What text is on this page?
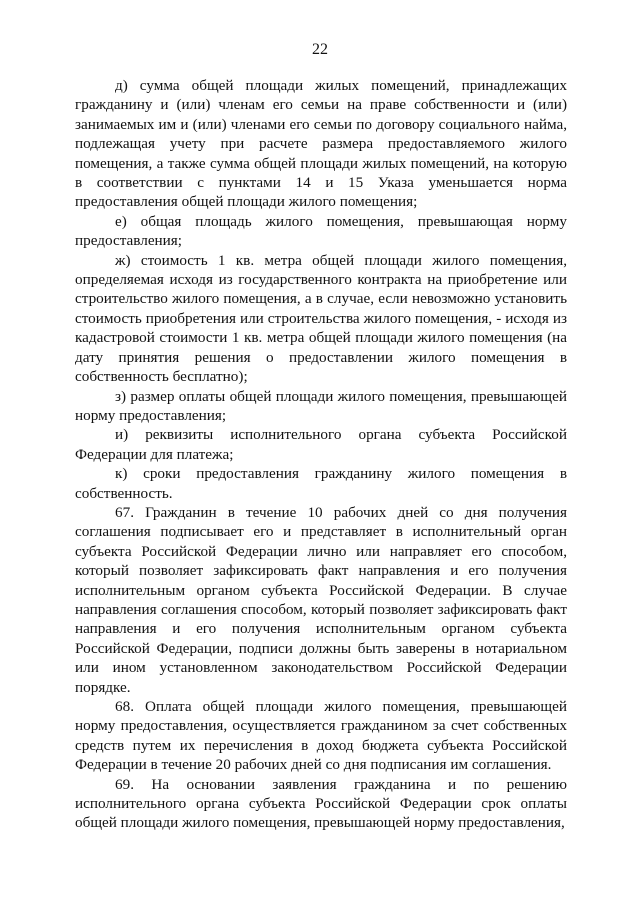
22

д) сумма общей площади жилых помещений, принадлежащих гражданину и (или) членам его семьи на праве собственности и (или) занимаемых им и (или) членами его семьи по договору социального найма, подлежащая учету при расчете размера предоставляемого жилого помещения, а также сумма общей площади жилых помещений, на которую в соответствии с пунктами 14 и 15 Указа уменьшается норма предоставления общей площади жилого помещения;

е) общая площадь жилого помещения, превышающая норму предоставления;

ж) стоимость 1 кв. метра общей площади жилого помещения, определяемая исходя из государственного контракта на приобретение или строительство жилого помещения, а в случае, если невозможно установить стоимость приобретения или строительства жилого помещения, - исходя из кадастровой стоимости 1 кв. метра общей площади жилого помещения (на дату принятия решения о предоставлении жилого помещения в собственность бесплатно);

з) размер оплаты общей площади жилого помещения, превышающей норму предоставления;

и) реквизиты исполнительного органа субъекта Российской Федерации для платежа;

к) сроки предоставления гражданину жилого помещения в собственность.

67. Гражданин в течение 10 рабочих дней со дня получения соглашения подписывает его и представляет в исполнительный орган субъекта Российской Федерации лично или направляет его способом, который позволяет зафиксировать факт направления и его получения исполнительным органом субъекта Российской Федерации. В случае направления соглашения способом, который позволяет зафиксировать факт направления и его получения исполнительным органом субъекта Российской Федерации, подписи должны быть заверены в нотариальном или ином установленном законодательством Российской Федерации порядке.

68. Оплата общей площади жилого помещения, превышающей норму предоставления, осуществляется гражданином за счет собственных средств путем их перечисления в доход бюджета субъекта Российской Федерации в течение 20 рабочих дней со дня подписания им соглашения.

69. На основании заявления гражданина и по решению исполнительного органа субъекта Российской Федерации срок оплаты общей площади жилого помещения, превышающей норму предоставления,
